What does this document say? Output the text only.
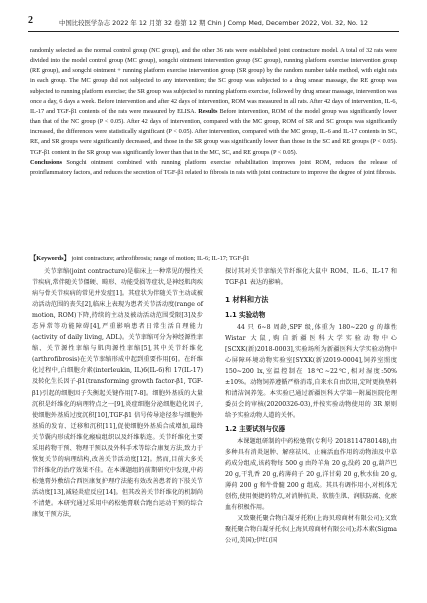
2	中国比较医学杂志 2022 年 12 月第 32 卷第 12 期 Chin J Comp Med, December 2022, Vol. 32, No. 12

randomly selected as the normal control group (NC group), and the other 36 rats were established joint contracture model. A total of 32 rats were divided into the model control group (MC group), songchi ointment intervention group (SC group), running platform exercise intervention group (RE group), and songchi ointment + running platform exercise intervention group (SR group) by the random number table method, with eight rats in each group. The MC group did not subjected to any intervention; the SC group was subjected to a drug smear massage, the RE group was subjected to running platform exercise; the SR group was subjected to running platform exercise, followed by drug smear massage, intervention was once a day, 6 days a week. Before intervention and after 42 days of intervention, ROM was measured in all rats. After 42 days of intervention, IL-6, IL-17 and TGF-β1 contents of the rats were measured by ELISA. Results Before intervention, ROM of the model group was significantly lower than that of the NC group (P < 0.05). After 42 days of intervention, compared with the MC group, ROM of SR and SC groups was significantly increased, the differences were statistically significant (P < 0.05). After intervention, compared with the MC group, IL-6 and IL-17 contents in SC, RE, and SR groups were significantly decreased, and those in the SR group was significantly lower than those in the SC and RE groups (P < 0.05). TGF-β1 content in the SR group was significantly lower than that in the MC, SC, and RE groups (P < 0.05).
Conclusions Songchi ointment combined with running platform exercise rehabilitation improves joint ROM, reduces the release of proinflammatory factors, and reduces the secretion of TGF-β1 related to fibrosis in rats with joint contracture to improve the degree of joint fibrosis.

【Keywords】 joint contracture; arthrofibrosis; range of motion; IL-6; IL-17; TGF-β1

关节挛缩(joint contracture)是临床上一种常见的慢性关节疾病,常伴随关节僵硬、畸形、功能受损等症状,是神经肌肉疾病与骨关节疾病的常见并发症[1]。其症状为伴随关节主动或被动活动范围的丧失[2],临床上表现为患者关节活动度(range of motion, ROM)下降,持续的主动及被动活动范围受限[3]及步态异常等功能障碍[4],严重影响患者日常生活自理能力(activity of daily living, ADL)。关节挛缩可分为神经源性挛缩、关节源性挛缩与肌肉源性挛缩[5],其中关节纤维化(arthrofibrosis)在关节挛缩形成中起到重要作用[6]。在纤维化过程中,白细胞介素(interleukin, IL)6(IL-6)和 17(IL-17)及转化生长因子-β1(transforming growth factor-β1, TGF-β1)引起的细胞因子失衡起关键作用[7-8]。细胞外基质的大量沉积是纤维化的病理特点之一[9],炎症细胞分泌细胞趋化因子,使细胞外基质过度沉积[10],TGF-β1 信号传导途径参与细胞外基质的发育、迁移和沉积[11],促使细胞外基质合成增加,最终关节囊内形成纤维化瘢痕组织以及纤维粘连。关节纤维化主要采用药物干预、物理干预以及外科手术等综合康复方法,致力于恢复关节的病理结构,改善关节活动度[12]。然而,目前大多关节纤维化的治疗效果不佳。在本课题组的前期研究中发现,中药松弛膏外敷结合西医康复护理疗法能有效改善患者的下肢关节活动度[13],减轻炎症反应[14]。但其改善关节纤维化的机制尚不清楚。本研究通过采用中药松弛膏联合跑台运动干预的综合康复干预方法,

探讨其对关节挛缩关节纤维化大鼠中 ROM、IL-6、IL-17 和 TGF-β1 表达的影响。

1 材料和方法
1.1 实验动物

44 只 6~8 周龄,SPF 级,体重为 180~220 g 的雄性 Wistar 大鼠,购自新疆医科大学实验动物中心[SCXK(新)2018-0003],实验场所为新疆医科大学实验动物中心屏障环境动物实验室[SYXK(新)2019-0004],饲养室照度 150~200 lx,室温控制在 18℃~22℃,相对湿度:50%±10%。动物饲养遵循严格消毒,自来水自由饮用,定时更换垫料和清洁饲养笼。本实验已通过新疆医科大学第一附属医院伦理委员会的审核(20200326-03),并按实验动物使用的 3R 原则给予实验动物人道的关怀。

1.2 主要试剂与仪器

本课题组研制的中药松弛膏(专利号 2018114780148),由多种具有消炎退肿、解痉祛风、止痛活血作用的动物油及中草药成分组成,该药物每 500 g 由羚羊角 20 g,没药 20 g,葫芦巴 20 g,干乳香 20 g,药薄荷子 20 g,洋甘菊 20 g,秋水仙 20 g,薄荷 200 g 和牛骨髓 200 g 组成。其具有调作用小,对机体无创伤,使用便捷的特点,对消肿抗炎、软筋生肌、润肤防腐、化瘀血有积极作用。

又致聚托聚合物白凝牙托粉(上海贝琼商材有限公司);又致聚托聚合物白凝牙托水(上海贝琼商材有限公司);苏木素(Sigma 公司,美国);伊红(国
